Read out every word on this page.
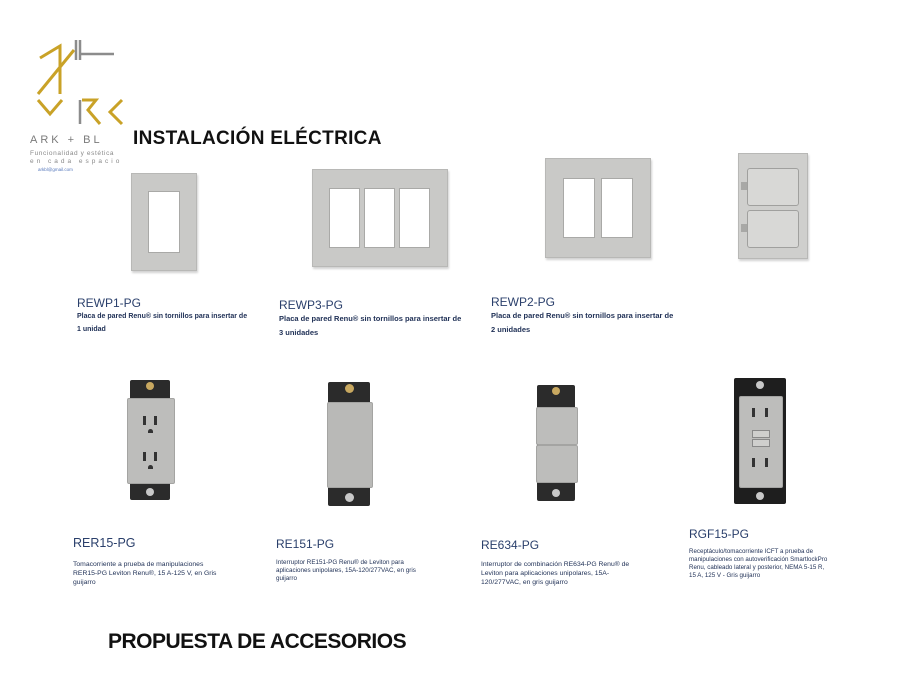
ARK + BL
Funcionalidad y estética
en cada espacio
arkbl@gmail.com
INSTALACIÓN ELÉCTRICA
REWP1-PG
Placa de pared Renu® sin tornillos para insertar de
1 unidad
REWP3-PG
Placa de pared Renu® sin tornillos para insertar de
3 unidades
REWP2-PG
Placa de pared Renu® sin tornillos para insertar de
2 unidades
RER15-PG
Tomacorriente a prueba de manipulaciones
RER15-PG Leviton Renu®, 15 A-125 V, en Gris
guijarro
RE151-PG
Interruptor RE151-PG Renu® de Leviton para
aplicaciones unipolares, 15A-120/277VAC, en gris
guijarro
RE634-PG
Interruptor de combinación RE634-PG Renu® de
Leviton para aplicaciones unipolares, 15A-
120/277VAC, en gris guijarro
RGF15-PG
Receptáculo/tomacorriente ICFT a prueba de
manipulaciones con autoverificación SmartlockPro
Renu, cableado lateral y posterior, NEMA 5-15 R,
15 A, 125 V - Gris guijarro
PROPUESTA DE ACCESORIOS
